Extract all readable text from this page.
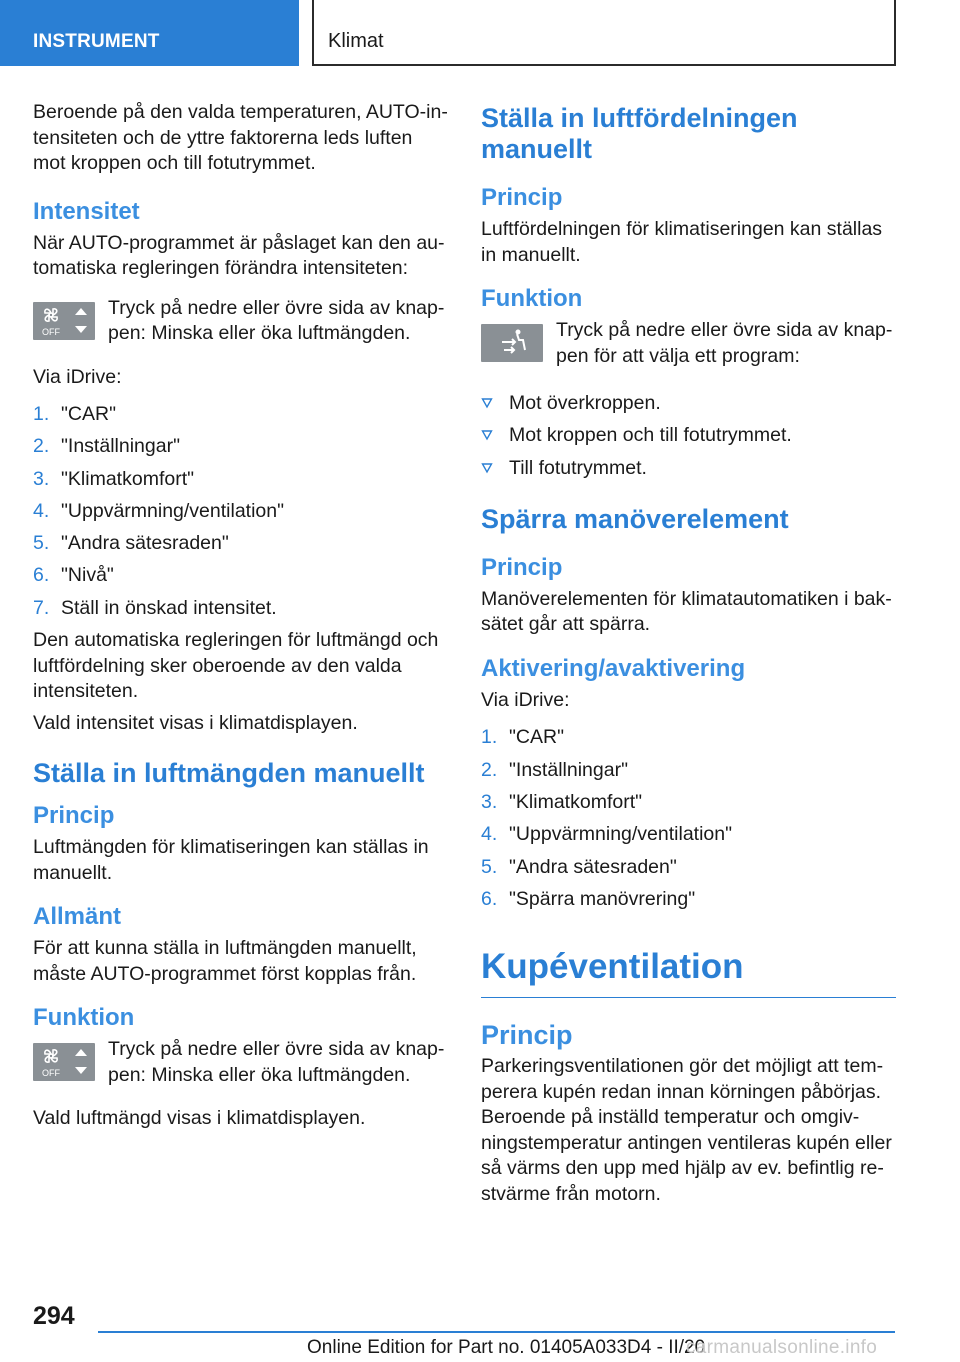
INSTRUMENT	Klimat

Beroende på den valda temperaturen, AUTO-intensiteten och de yttre faktorerna leds luften mot kroppen och till fotutrymmet.

Intensitet

När AUTO-programmet är påslaget kan den automatiska regleringen förändra intensiteten:

OFF
Tryck på nedre eller övre sida av knappen: Minska eller öka luftmängden.

Via iDrive:

1. "CAR"
2. "Inställningar"
3. "Klimatkomfort"
4. "Uppvärmning/ventilation"
5. "Andra sätesraden"
6. "Nivå"
7. Ställ in önskad intensitet.

Den automatiska regleringen för luftmängd och luftfördelning sker oberoende av den valda intensiteten.

Vald intensitet visas i klimatdisplayen.

Ställa in luftmängden manuellt
Princip

Luftmängden för klimatiseringen kan ställas in manuellt.

Allmänt

För att kunna ställa in luftmängden manuellt, måste AUTO-programmet först kopplas från.

Funktion
OFF
Tryck på nedre eller övre sida av knappen: Minska eller öka luftmängden.

Vald luftmängd visas i klimatdisplayen.

Ställa in luftfördelningen manuellt
Princip

Luftfördelningen för klimatiseringen kan ställas in manuellt.

Funktion
Tryck på nedre eller övre sida av knappen för att välja ett program:
Mot överkroppen.
Mot kroppen och till fotutrymmet.
Till fotutrymmet.
Spärra manöverelement
Princip

Manöverelementen för klimatautomatiken i baksätet går att spärra.

Aktivering/avaktivering

Via iDrive:

1. "CAR"
2. "Inställningar"
3. "Klimatkomfort"
4. "Uppvärmning/ventilation"
5. "Andra sätesraden"
6. "Spärra manövrering"
Kupéventilation
Princip

Parkeringsventilationen gör det möjligt att temperera kupén redan innan körningen påbörjas. Beroende på inställd temperatur och omgivningstemperatur antingen ventileras kupén eller så värms den upp med hjälp av ev. befintlig restvärme från motorn.

294
Online Edition for Part no. 01405A033D4 - II/20
carmanualsonline.info
